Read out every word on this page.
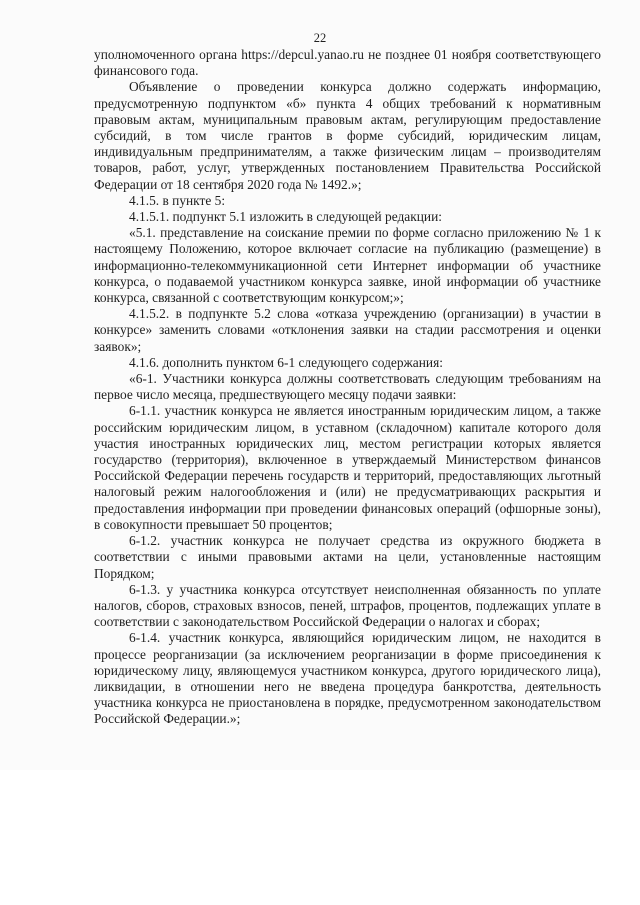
22

уполномоченного органа https://depcul.yanao.ru не позднее 01 ноября соответствующего финансового года.

Объявление о проведении конкурса должно содержать информацию, предусмотренную подпунктом «б» пункта 4 общих требований к нормативным правовым актам, муниципальным правовым актам, регулирующим предоставление субсидий, в том числе грантов в форме субсидий, юридическим лицам, индивидуальным предпринимателям, а также физическим лицам – производителям товаров, работ, услуг, утвержденных постановлением Правительства Российской Федерации от 18 сентября 2020 года № 1492.»;

4.1.5. в пункте 5:

4.1.5.1. подпункт 5.1 изложить в следующей редакции:

«5.1. представление на соискание премии по форме согласно приложению № 1 к настоящему Положению, которое включает согласие на публикацию (размещение) в информационно-телекоммуникационной сети Интернет информации об участнике конкурса, о подаваемой участником конкурса заявке, иной информации об участнике конкурса, связанной с соответствующим конкурсом;»;

4.1.5.2. в подпункте 5.2 слова «отказа учреждению (организации) в участии в конкурсе» заменить словами «отклонения заявки на стадии рассмотрения и оценки заявок»;

4.1.6. дополнить пунктом 6-1 следующего содержания:

«6-1. Участники конкурса должны соответствовать следующим требованиям на первое число месяца, предшествующего месяцу подачи заявки:

6-1.1. участник конкурса не является иностранным юридическим лицом, а также российским юридическим лицом, в уставном (складочном) капитале которого доля участия иностранных юридических лиц, местом регистрации которых является государство (территория), включенное в утверждаемый Министерством финансов Российской Федерации перечень государств и территорий, предоставляющих льготный налоговый режим налогообложения и (или) не предусматривающих раскрытия и предоставления информации при проведении финансовых операций (офшорные зоны), в совокупности превышает 50 процентов;

6-1.2. участник конкурса не получает средства из окружного бюджета в соответствии с иными правовыми актами на цели, установленные настоящим Порядком;

6-1.3. у участника конкурса отсутствует неисполненная обязанность по уплате налогов, сборов, страховых взносов, пеней, штрафов, процентов, подлежащих уплате в соответствии с законодательством Российской Федерации о налогах и сборах;

6-1.4. участник конкурса, являющийся юридическим лицом, не находится в процессе реорганизации (за исключением реорганизации в форме присоединения к юридическому лицу, являющемуся участником конкурса, другого юридического лица), ликвидации, в отношении него не введена процедура банкротства, деятельность участника конкурса не приостановлена в порядке, предусмотренном законодательством Российской Федерации.»;
